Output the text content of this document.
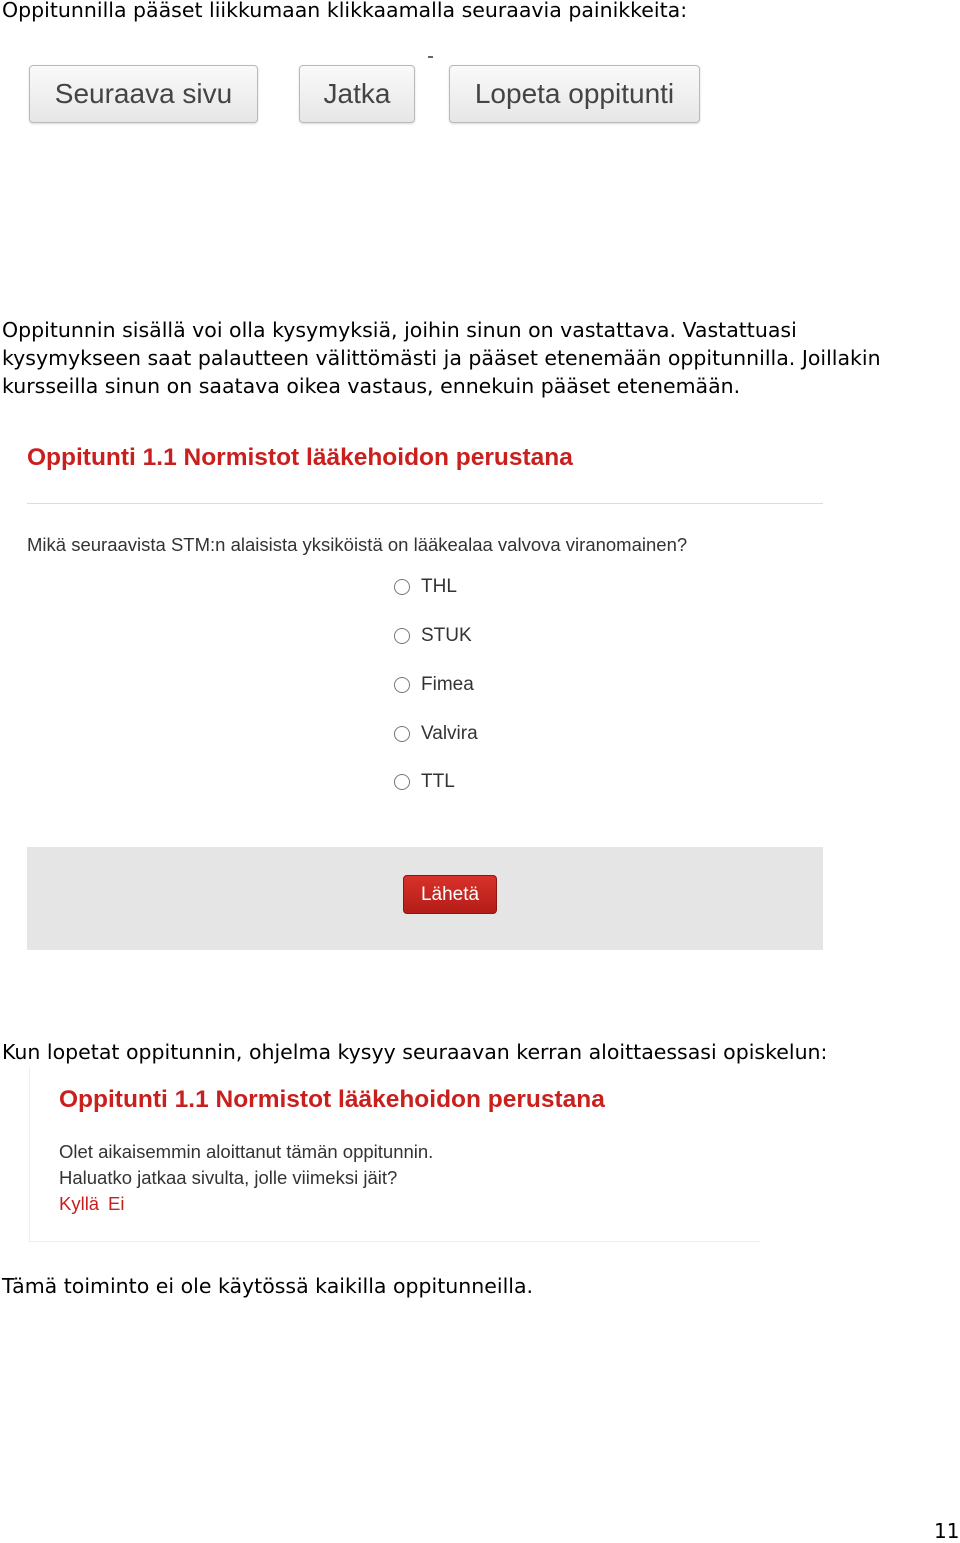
Oppitunnilla pääset liikkumaan klikkaamalla seuraavia painikkeita:

Seuraava sivu	Jatka	Lopeta oppitunti

Oppitunnin sisällä voi olla kysymyksiä, joihin sinun on vastattava. Vastattuasi

kysymykseen saat palautteen välittömästi ja pääset etenemään oppitunnilla. Joillakin

kursseilla sinun on saatava oikea vastaus, ennekuin pääset etenemään.

Oppitunti 1.1 Normistot lääkehoidon perustana
Mikä seuraavista STM:n alaisista yksiköistä on lääkealaa valvova viranomainen?
THL
STUK
Fimea
Valvira
TTL
Lähetä

Kun lopetat oppitunnin, ohjelma kysyy seuraavan kerran aloittaessasi opiskelun:

Oppitunti 1.1 Normistot lääkehoidon perustana
Olet aikaisemmin aloittanut tämän oppitunnin.
Haluatko jatkaa sivulta, jolle viimeksi jäit?
Kyllä Ei

Tämä toiminto ei ole käytössä kaikilla oppitunneilla.

11
